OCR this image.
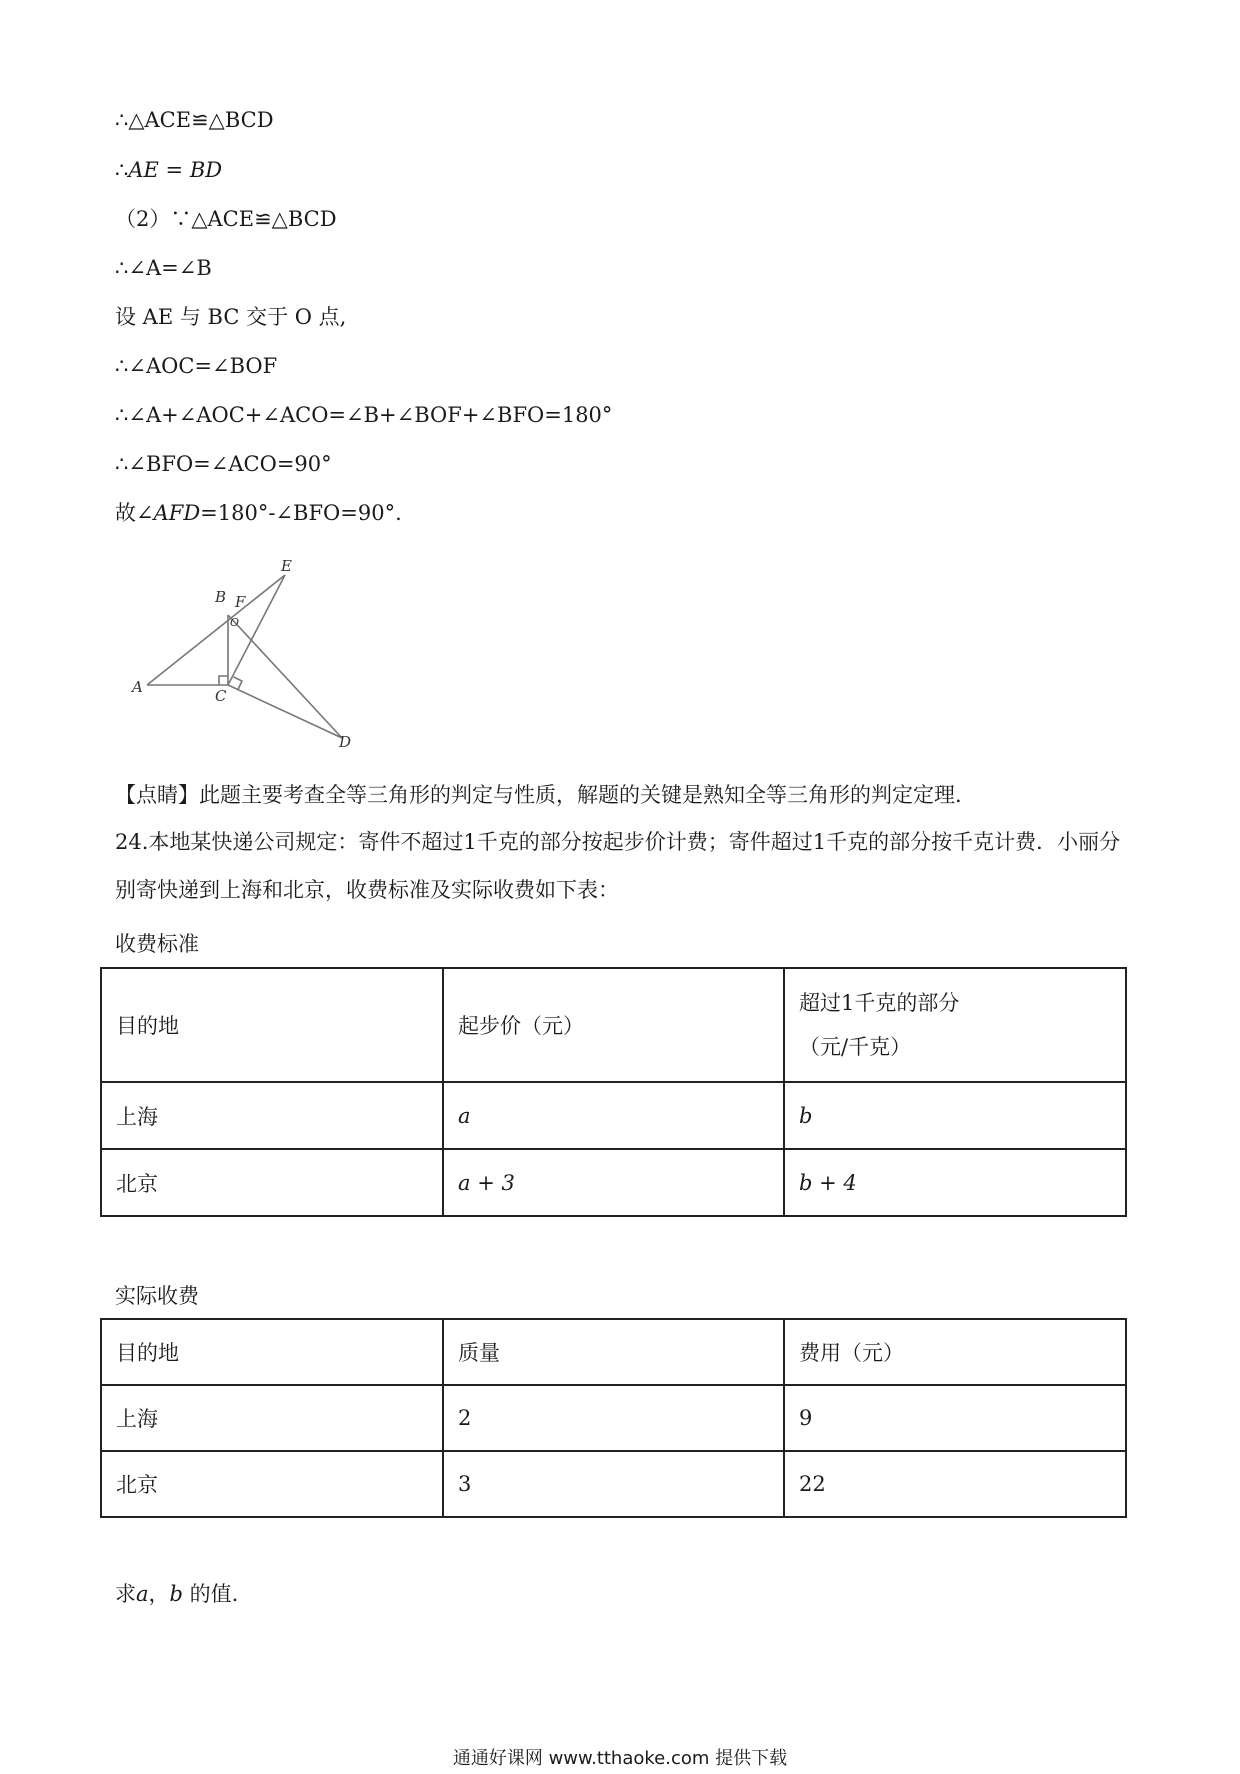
∴△ACE≌△BCD
∴AE = BD
（2）∵△ACE≌△BCD
∴∠A=∠B
设 AE 与 BC 交于 O 点,
∴∠AOC=∠BOF
∴∠A+∠AOC+∠ACO=∠B+∠BOF+∠BFO=180°
∴∠BFO=∠ACO=90°
故∠AFD=180°-∠BFO=90°.
A
B
C
D
E
F
O
【点睛】此题主要考查全等三角形的判定与性质，解题的关键是熟知全等三角形的判定定理.
24.本地某快递公司规定：寄件不超过1千克的部分按起步价计费；寄件超过1千克的部分按千克计费．小丽分别寄快递到上海和北京，收费标准及实际收费如下表：
收费标准
目的地	起步价（元）	超过1千克的部分
（元/千克）

上海	a	b
北京	a + 3	b + 4
实际收费
目的地	质量	费用（元）
上海	2	9
北京	3	22
求a，b 的值.
通通好课网 www.tthaoke.com 提供下载
